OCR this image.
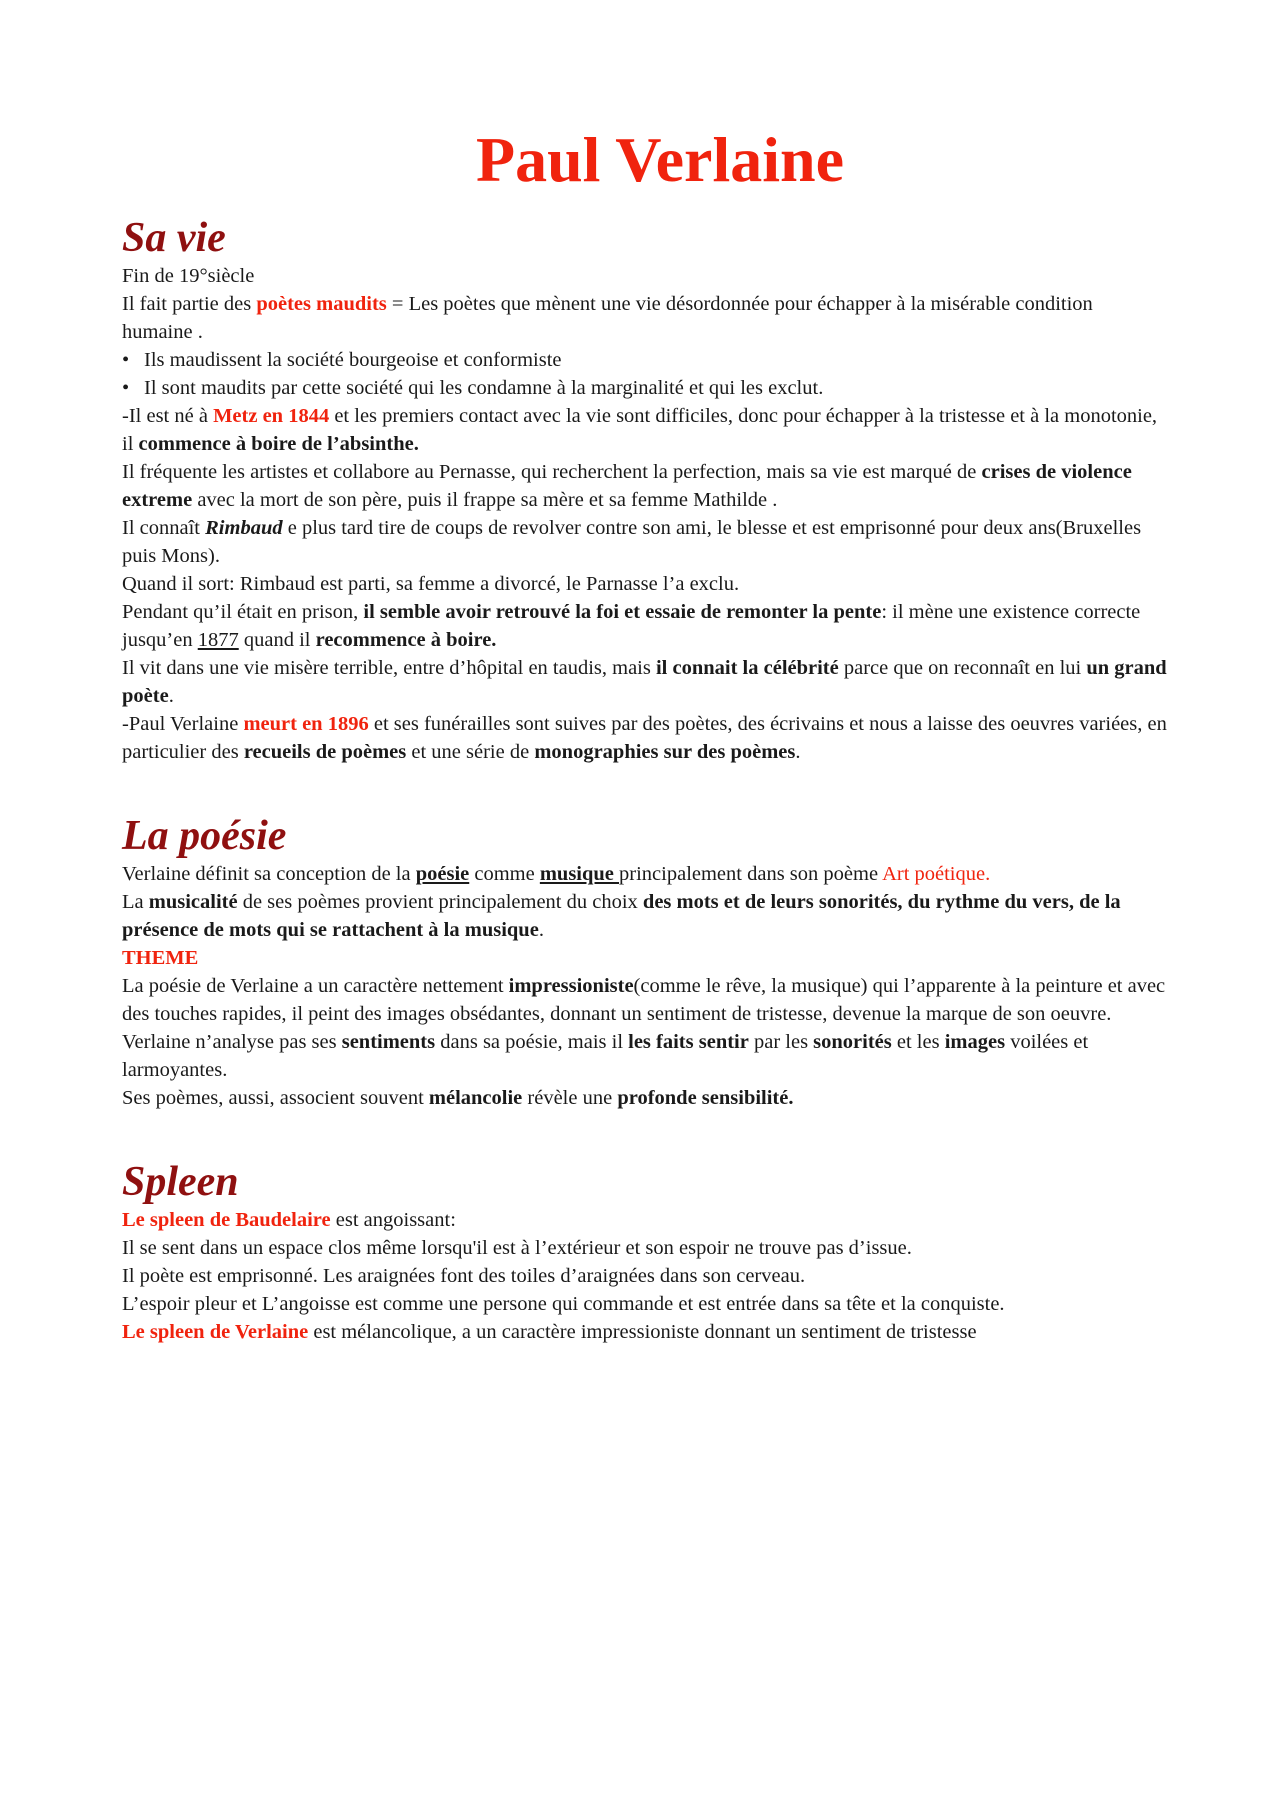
Paul Verlaine
Sa vie

Fin de 19°siècle

Il fait partie des poètes maudits = Les poètes que mènent une vie désordonnée pour échapper à la misérable condition humaine .

• Ils maudissent la société bourgeoise et conformiste

• Il sont maudits par cette société qui les condamne à la marginalité et qui les exclut.

-Il est né à Metz en 1844 et les premiers contact avec la vie sont difficiles, donc pour échapper à la tristesse et à la monotonie, il commence à boire de l’absinthe.

Il fréquente les artistes et collabore au Pernasse, qui recherchent la perfection, mais sa vie est marqué de crises de violence extreme avec la mort de son père, puis il frappe sa mère et sa femme Mathilde .

Il connaît Rimbaud e plus tard tire de coups de revolver contre son ami, le blesse et est emprisonné pour deux ans(Bruxelles puis Mons).

Quand il sort: Rimbaud est parti, sa femme a divorcé, le Parnasse l’a exclu.

Pendant qu’il était en prison, il semble avoir retrouvé la foi et essaie de remonter la pente: il mène une existence correcte jusqu’en 1877 quand il recommence à boire.

Il vit dans une vie misère terrible, entre d’hôpital en taudis, mais il connait la célébrité parce que on reconnaît en lui un grand poète.

-Paul Verlaine meurt en 1896 et ses funérailles sont suives par des poètes, des écrivains et nous a laisse des oeuvres variées, en particulier des recueils de poèmes et une série de monographies sur des poèmes.

La poésie

Verlaine définit sa conception de la poésie comme musique principalement dans son poème Art poétique.

La musicalité de ses poèmes provient principalement du choix des mots et de leurs sonorités, du rythme du vers, de la présence de mots qui se rattachent à la musique.

THEME

La poésie de Verlaine a un caractère nettement impressioniste(comme le rêve, la musique) qui l’apparente à la peinture et avec des touches rapides, il peint des images obsédantes, donnant un sentiment de tristesse, devenue la marque de son oeuvre.

Verlaine n’analyse pas ses sentiments dans sa poésie, mais il les faits sentir par les sonorités et les images voilées et larmoyantes.

Ses poèmes, aussi, associent souvent mélancolie révèle une profonde sensibilité.

Spleen

Le spleen de Baudelaire est angoissant:

Il se sent dans un espace clos même lorsqu'il est à l’extérieur et son espoir ne trouve pas d’issue.

Il poète est emprisonné. Les araignées font des toiles d’araignées dans son cerveau.

L’espoir pleur et L’angoisse est comme une persone qui commande et est entrée dans sa tête et la conquiste.

Le spleen de Verlaine est mélancolique, a un caractère impressioniste donnant un sentiment de tristesse
